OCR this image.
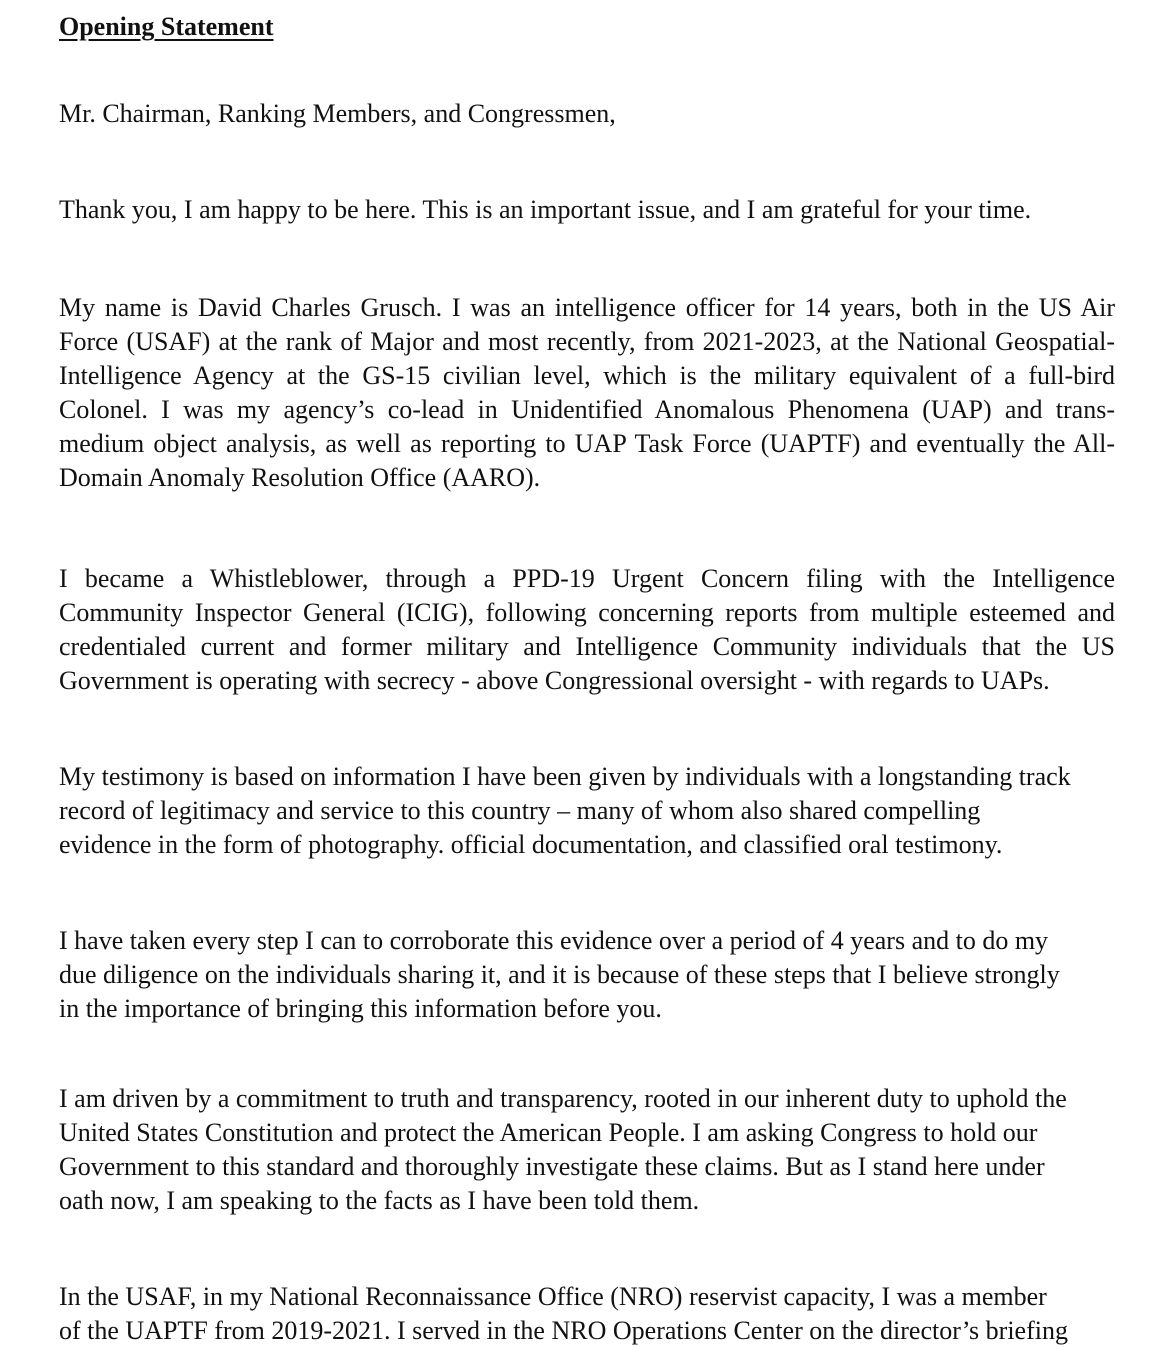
Opening Statement

Mr. Chairman, Ranking Members, and Congressmen,

Thank you, I am happy to be here. This is an important issue, and I am grateful for your time.

My name is David Charles Grusch. I was an intelligence officer for 14 years, both in the US Air
Force (USAF) at the rank of Major and most recently, from 2021-2023, at the National Geospatial-
Intelligence Agency at the GS-15 civilian level, which is the military equivalent of a full-bird
Colonel. I was my agency’s co-lead in Unidentified Anomalous Phenomena (UAP) and trans-
medium object analysis, as well as reporting to UAP Task Force (UAPTF) and eventually the All-
Domain Anomaly Resolution Office (AARO).

I became a Whistleblower, through a PPD-19 Urgent Concern filing with the Intelligence
Community Inspector General (ICIG), following concerning reports from multiple esteemed and
credentialed current and former military and Intelligence Community individuals that the US
Government is operating with secrecy - above Congressional oversight - with regards to UAPs.

My testimony is based on information I have been given by individuals with a longstanding track
record of legitimacy and service to this country – many of whom also shared compelling
evidence in the form of photography. official documentation, and classified oral testimony.

I have taken every step I can to corroborate this evidence over a period of 4 years and to do my
due diligence on the individuals sharing it, and it is because of these steps that I believe strongly
in the importance of bringing this information before you.

I am driven by a commitment to truth and transparency, rooted in our inherent duty to uphold the
United States Constitution and protect the American People. I am asking Congress to hold our
Government to this standard and thoroughly investigate these claims. But as I stand here under
oath now, I am speaking to the facts as I have been told them.

In the USAF, in my National Reconnaissance Office (NRO) reservist capacity, I was a member
of the UAPTF from 2019-2021. I served in the NRO Operations Center on the director’s briefing
